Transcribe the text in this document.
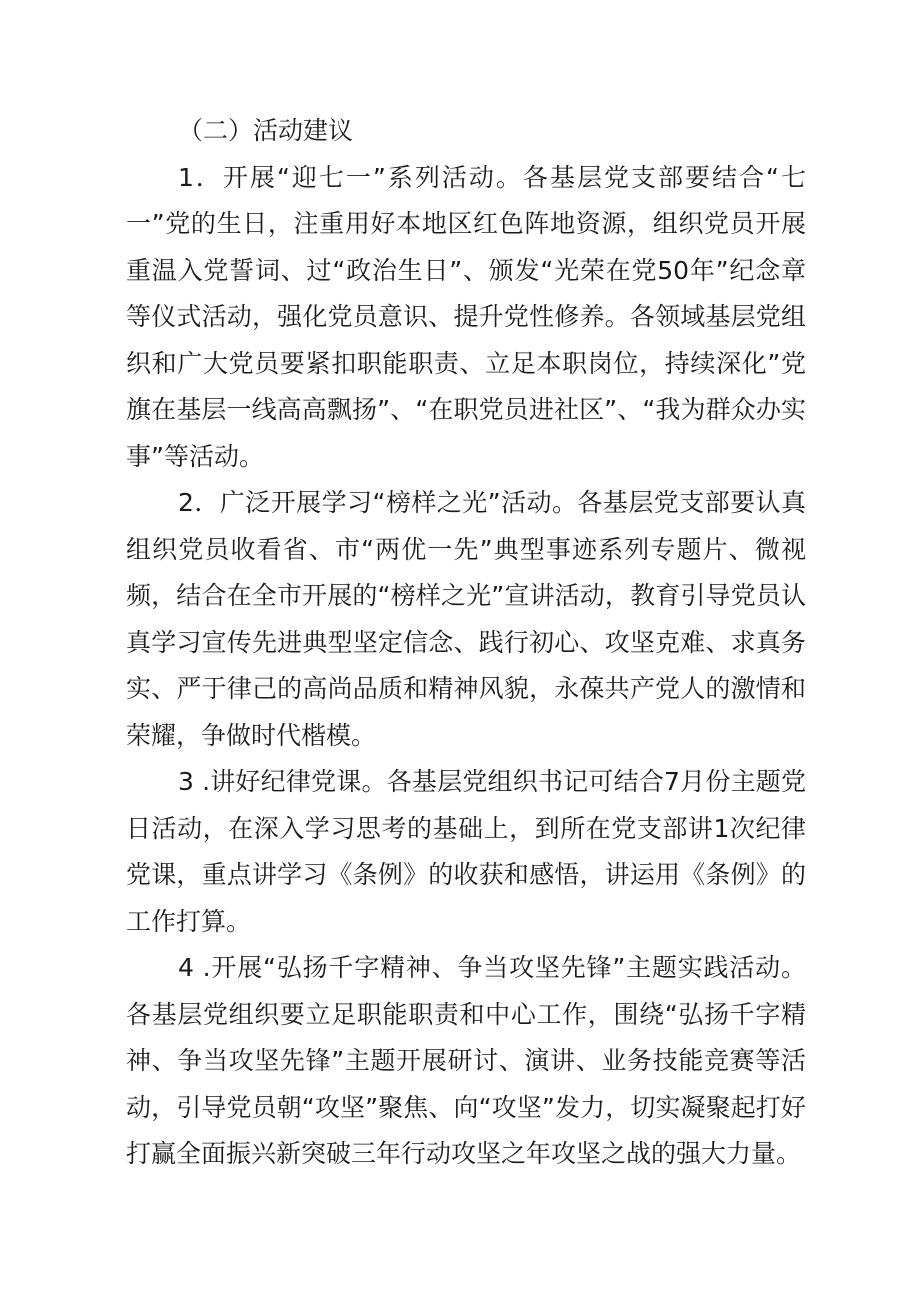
（二）活动建议

1．开展“迎七一”系列活动。各基层党支部要结合“七一”党的生日，注重用好本地区红色阵地资源，组织党员开展重温入党誓词、过“政治生日”、颁发“光荣在党50年”纪念章等仪式活动，强化党员意识、提升党性修养。各领域基层党组织和广大党员要紧扣职能职责、立足本职岗位，持续深化”党旗在基层一线高高飘扬”、“在职党员进社区”、“我为群众办实事”等活动。

2．广泛开展学习“榜样之光”活动。各基层党支部要认真组织党员收看省、市“两优一先”典型事迹系列专题片、微视频，结合在全市开展的“榜样之光”宣讲活动，教育引导党员认真学习宣传先进典型坚定信念、践行初心、攻坚克难、求真务实、严于律己的高尚品质和精神风貌，永葆共产党人的激情和荣耀，争做时代楷模。

3 .讲好纪律党课。各基层党组织书记可结合7月份主题党日活动，在深入学习思考的基础上，到所在党支部讲1次纪律党课，重点讲学习《条例》的收获和感悟，讲运用《条例》的工作打算。

4 .开展“弘扬千字精神、争当攻坚先锋”主题实践活动。各基层党组织要立足职能职责和中心工作，围绕“弘扬千字精神、争当攻坚先锋”主题开展研讨、演讲、业务技能竞赛等活动，引导党员朝“攻坚”聚焦、向“攻坚”发力，切实凝聚起打好打赢全面振兴新突破三年行动攻坚之年攻坚之战的强大力量。
